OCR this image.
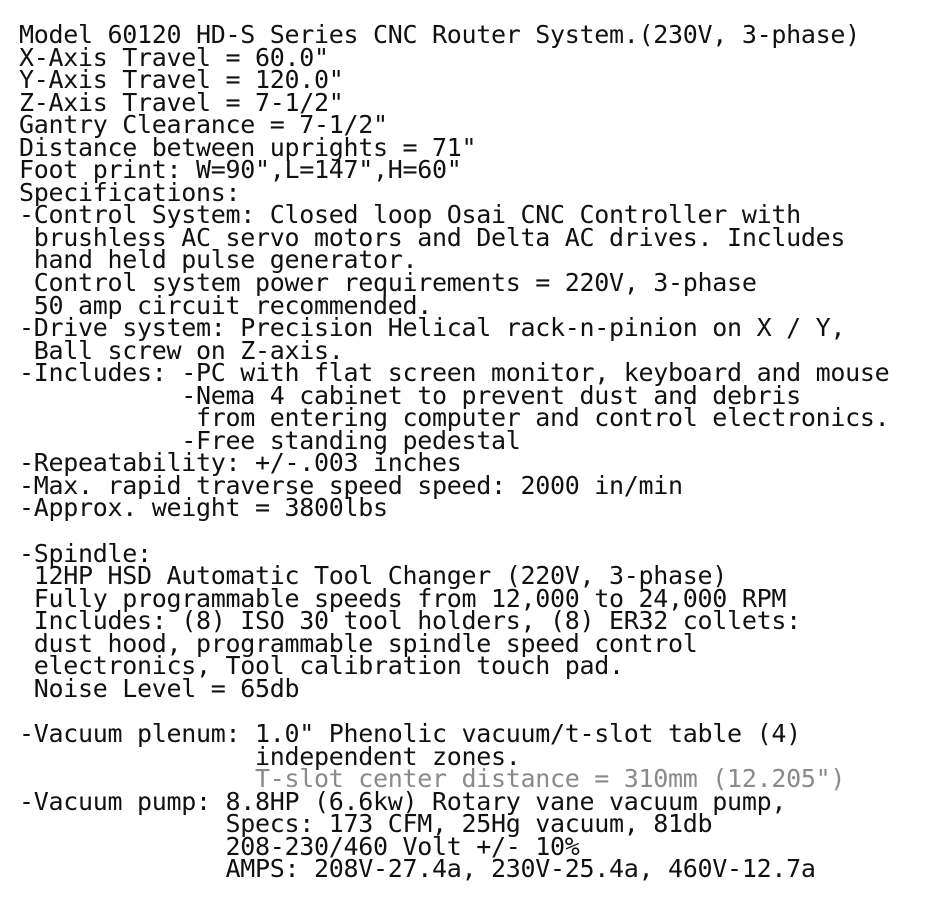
Model 60120 HD-S Series CNC Router System.(230V, 3-phase)
X-Axis Travel = 60.0"
Y-Axis Travel = 120.0"
Z-Axis Travel = 7-1/2"
Gantry Clearance = 7-1/2"
Distance between uprights = 71"
Foot print: W=90",L=147",H=60"
Specifications:
-Control System: Closed loop Osai CNC Controller with
brushless AC servo motors and Delta AC drives. Includes
hand held pulse generator.
Control system power requirements = 220V, 3-phase
50 amp circuit recommended.
-Drive system: Precision Helical rack-n-pinion on X / Y,
Ball screw on Z-axis.
-Includes: -PC with flat screen monitor, keyboard and mouse
-Nema 4 cabinet to prevent dust and debris
from entering computer and control electronics.
-Free standing pedestal
-Repeatability: +/-.003 inches
-Max. rapid traverse speed speed: 2000 in/min
-Approx. weight = 3800lbs
-Spindle:
12HP HSD Automatic Tool Changer (220V, 3-phase)
Fully programmable speeds from 12,000 to 24,000 RPM
Includes: (8) ISO 30 tool holders, (8) ER32 collets:
dust hood, programmable spindle speed control
electronics, Tool calibration touch pad.
Noise Level = 65db
-Vacuum plenum: 1.0" Phenolic vacuum/t-slot table (4)
independent zones.
T-slot center distance = 310mm (12.205")
-Vacuum pump: 8.8HP (6.6kw) Rotary vane vacuum pump,
Specs: 173 CFM, 25Hg vacuum, 81db
208-230/460 Volt +/- 10%
AMPS: 208V-27.4a, 230V-25.4a, 460V-12.7a
